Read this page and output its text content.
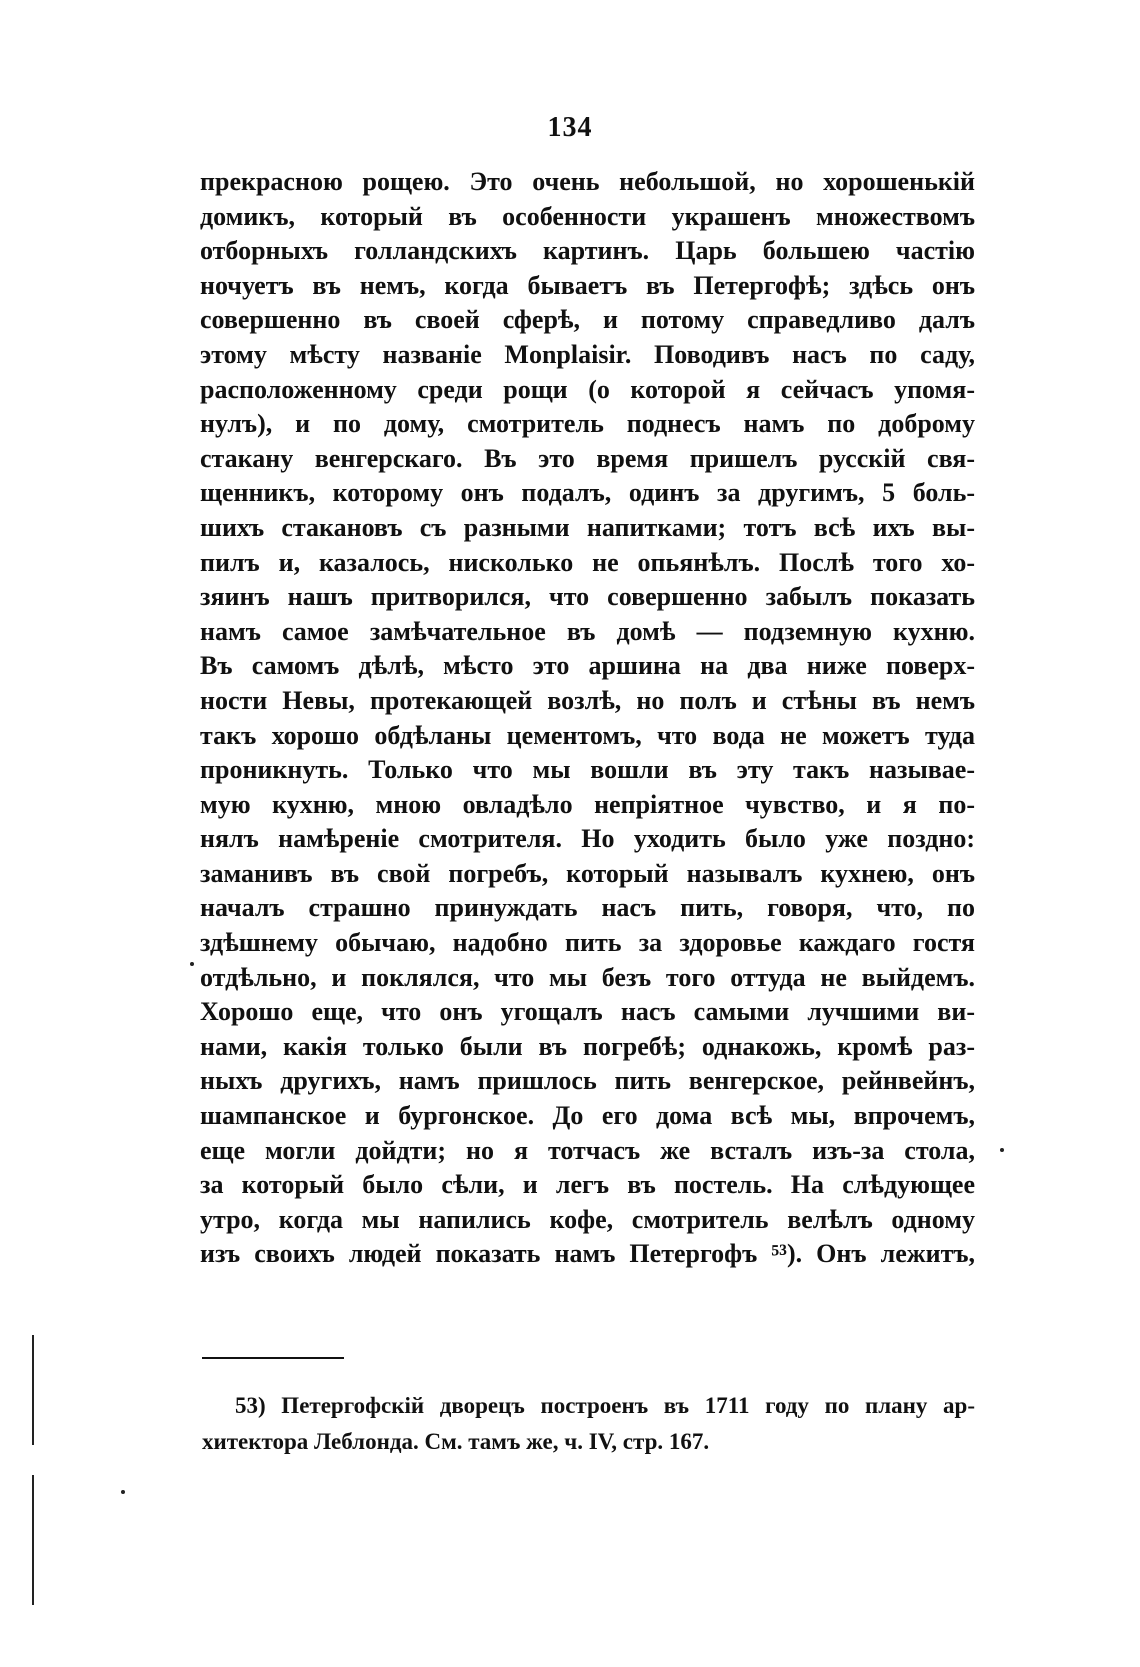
134
прекрасною рощею. Это очень небольшой, но хорошенькій
домикъ, который въ особенности украшенъ множествомъ
отборныхъ голландскихъ картинъ. Царь большею частію
ночуетъ въ немъ, когда бываетъ въ Петергофѣ; здѣсь онъ
совершенно въ своей сферѣ, и потому справедливо далъ
этому мѣсту названіе Monplaisir. Поводивъ насъ по саду,
расположенному среди рощи (о которой я сейчасъ упомя-
нулъ), и по дому, смотритель поднесъ намъ по доброму
стакану венгерскаго. Въ это время пришелъ русскій свя-
щенникъ, которому онъ подалъ, одинъ за другимъ, 5 боль-
шихъ стакановъ съ разными напитками; тотъ всѣ ихъ вы-
пилъ и, казалось, нисколько не опьянѣлъ. Послѣ того хо-
зяинъ нашъ притворился, что совершенно забылъ показать
намъ самое замѣчательное въ домѣ — подземную кухню.
Въ самомъ дѣлѣ, мѣсто это аршина на два ниже поверх-
ности Невы, протекающей возлѣ, но полъ и стѣны въ немъ
такъ хорошо обдѣланы цементомъ, что вода не можетъ туда
проникнуть. Только что мы вошли въ эту такъ называе-
мую кухню, мною овладѣло непріятное чувство, и я по-
нялъ намѣреніе смотрителя. Но уходить было уже поздно:
заманивъ въ свой погребъ, который называлъ кухнею, онъ
началъ страшно принуждать насъ пить, говоря, что, по
здѣшнему обычаю, надобно пить за здоровье каждаго гостя
отдѣльно, и поклялся, что мы безъ того оттуда не выйдемъ.
Хорошо еще, что онъ угощалъ насъ самыми лучшими ви-
нами, какія только были въ погребѣ; однакожь, кромѣ раз-
ныхъ другихъ, намъ пришлось пить венгерское, рейнвейнъ,
шампанское и бургонское. До его дома всѣ мы, впрочемъ,
еще могли дойдти; но я тотчасъ же всталъ изъ-за стола,
за который было сѣли, и легъ въ постель. На слѣдующее
утро, когда мы напились кофе, смотритель велѣлъ одному
изъ своихъ людей показать намъ Петергофъ ⁵³). Онъ лежитъ,
53) Петергофскій дворецъ построенъ въ 1711 году по плану ар-
хитектора Леблонда. См. тамъ же, ч. IV, стр. 167.
